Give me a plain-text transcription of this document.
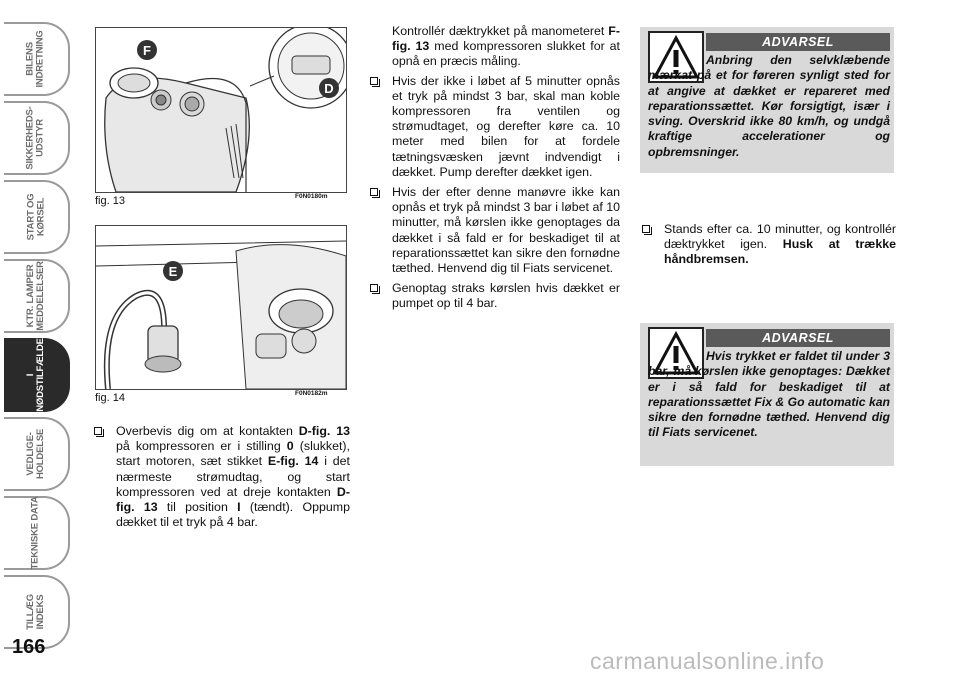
BILENS
INDRETNING
SIKKERHEDS-
UDSTYR
START OG
KØRSEL
KTR. LAMPER
MEDDELELSER
I
NØDSTILFÆLDE
VEDLIGE-
HOLDELSE
TEKNISKE DATA
TILLÆG
INDEKS
166
F
D
fig. 13	F0N0180m
E
fig. 14	F0N0182m
Overbevis dig om at kontakten D-fig. 13 på kompressoren er i stilling 0 (slukket), start motoren, sæt stikket E-fig. 14 i det nærmeste strømudtag, og start kompressoren ved at dreje kontakten D-fig. 13 til position I (tændt). Oppump dækket til et tryk på 4 bar.

Kontrollér dæktrykket på manometeret F-fig. 13 med kompressoren slukket for at opnå en præcis måling.

Hvis der ikke i løbet af 5 minutter opnås et tryk på mindst 3 bar, skal man koble kompressoren fra ventilen og strømudtaget, og derefter køre ca. 10 meter med bilen for at fordele tætningsvæsken jævnt indvendigt i dækket. Pump derefter dækket igen.
Hvis der efter denne manøvre ikke kan opnås et tryk på mindst 3 bar i løbet af 10 minutter, må kørslen ikke genoptages da dækket i så fald er for beskadiget til at reparationssættet kan sikre den fornødne tæthed. Henvend dig til Fiats servicenet.
Genoptag straks kørslen hvis dækket er pumpet op til 4 bar.
ADVARSEL
Anbring den selvklæbende mærkat på et for føreren synligt sted for at angive at dækket er repareret med reparationssættet. Kør forsigtigt, især i sving. Overskrid ikke 80 km/h, og undgå kraftige accelerationer og opbremsninger.
Stands efter ca. 10 minutter, og kontrollér dæktrykket igen. Husk at trække håndbremsen.
ADVARSEL
Hvis trykket er faldet til under 3 bar, må kørslen ikke genoptages: Dækket er i så fald for beskadiget til at reparationssættet Fix & Go automatic kan sikre den fornødne tæthed. Henvend dig til Fiats servicenet.
carmanualsonline.info
